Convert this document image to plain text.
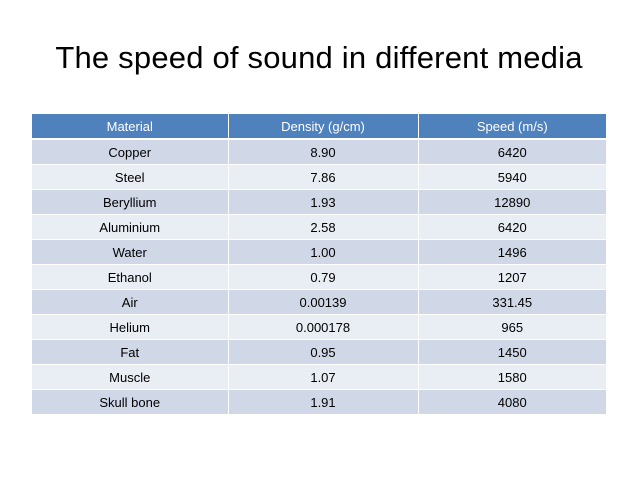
The speed of sound in different media
Material	Density (g/cm)	Speed (m/s)
Copper	8.90	6420
Steel	7.86	5940
Beryllium	1.93	12890
Aluminium	2.58	6420
Water	1.00	1496
Ethanol	0.79	1207
Air	0.00139	331.45
Helium	0.000178	965
Fat	0.95	1450
Muscle	1.07	1580
Skull bone	1.91	4080
